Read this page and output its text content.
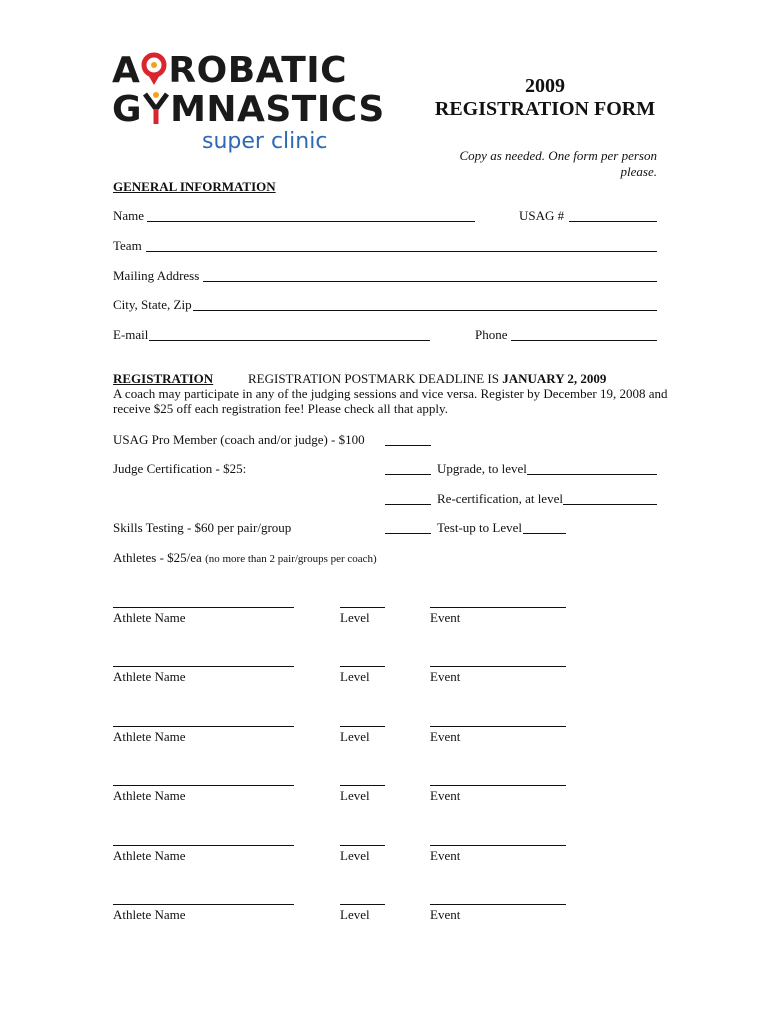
A ROBATIC
G MNASTICS
super clinic
2009
REGISTRATION FORM
Copy as needed. One form per person please.
GENERAL INFORMATION
Name	USAG #
Team
Mailing Address
City, State, Zip
E-mail	Phone
REGISTRATION	REGISTRATION POSTMARK DEADLINE IS JANUARY 2, 2009
A coach may participate in any of the judging sessions and vice versa. Register by December 19, 2008 and
receive $25 off each registration fee! Please check all that apply.
USAG Pro Member (coach and/or judge) - $100
Judge Certification - $25:	Upgrade, to level
Re-certification, at level
Skills Testing - $60 per pair/group	Test-up to Level
Athletes - $25/ea (no more than 2 pair/groups per coach)
Athlete Name	Level	Event
Athlete Name	Level	Event
Athlete Name	Level	Event
Athlete Name	Level	Event
Athlete Name	Level	Event
Athlete Name	Level	Event
